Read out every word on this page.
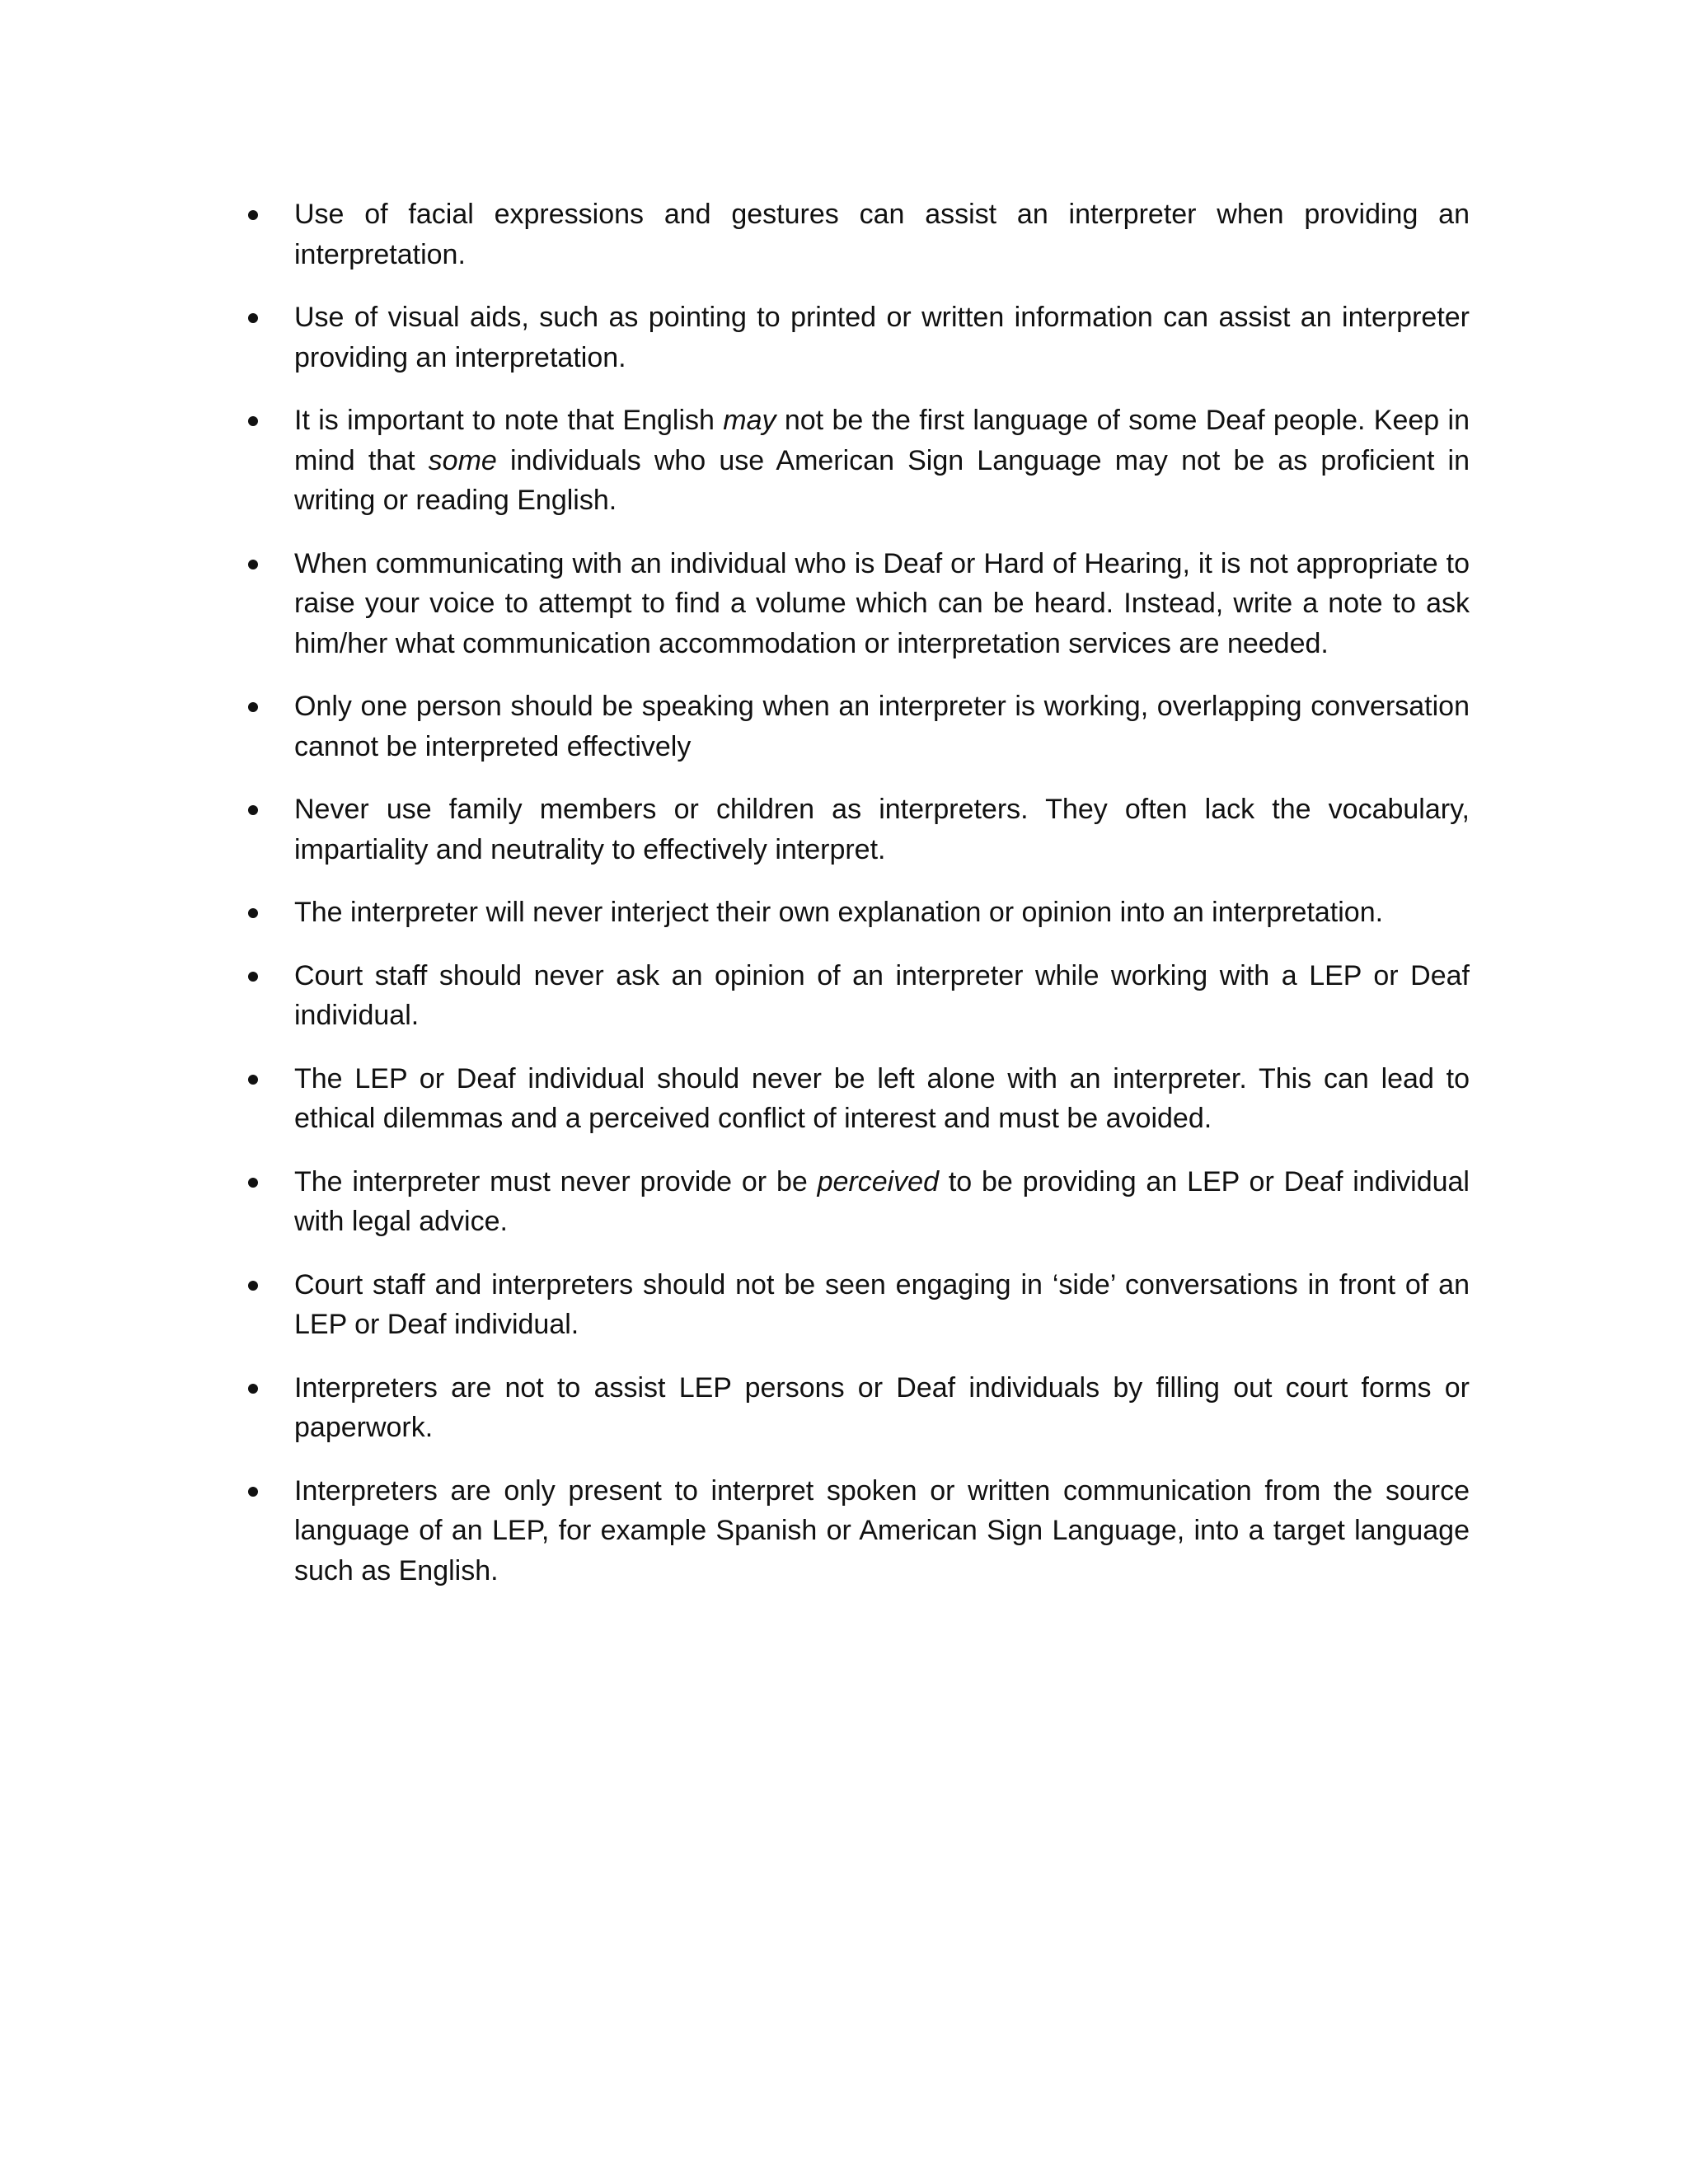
Use of facial expressions and gestures can assist an interpreter when providing an interpretation.
Use of visual aids, such as pointing to printed or written information can assist an interpreter providing an interpretation.
It is important to note that English may not be the first language of some Deaf people. Keep in mind that some individuals who use American Sign Language may not be as proficient in writing or reading English.
When communicating with an individual who is Deaf or Hard of Hearing, it is not appropriate to raise your voice to attempt to find a volume which can be heard. Instead, write a note to ask him/her what communication accommodation or interpretation services are needed.
Only one person should be speaking when an interpreter is working, overlapping conversation cannot be interpreted effectively
Never use family members or children as interpreters. They often lack the vocabulary, impartiality and neutrality to effectively interpret.
The interpreter will never interject their own explanation or opinion into an interpretation.
Court staff should never ask an opinion of an interpreter while working with a LEP or Deaf individual.
The LEP or Deaf individual should never be left alone with an interpreter. This can lead to ethical dilemmas and a perceived conflict of interest and must be avoided.
The interpreter must never provide or be perceived to be providing an LEP or Deaf individual with legal advice.
Court staff and interpreters should not be seen engaging in ‘side’ conversations in front of an LEP or Deaf individual.
Interpreters are not to assist LEP persons or Deaf individuals by filling out court forms or paperwork.
Interpreters are only present to interpret spoken or written communication from the source language of an LEP, for example Spanish or American Sign Language, into a target language such as English.
